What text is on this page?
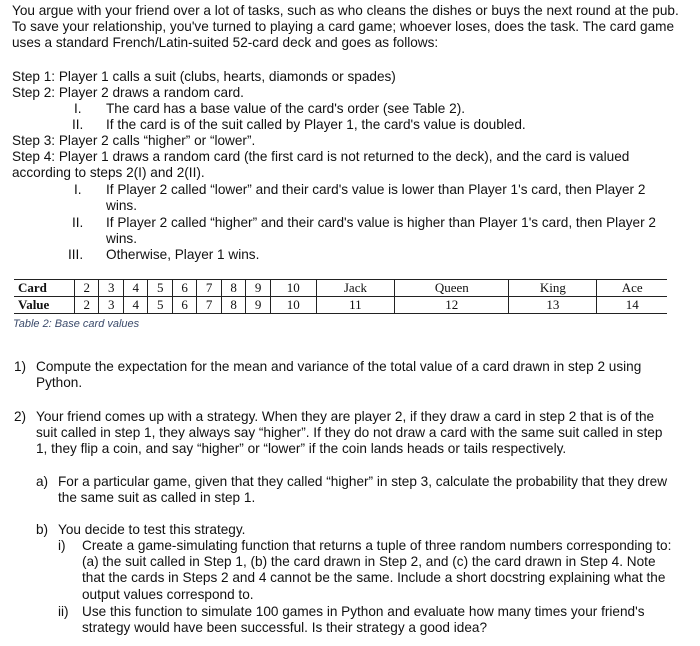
You argue with your friend over a lot of tasks, such as who cleans the dishes or buys the next round at the pub. To save your relationship, you've turned to playing a card game; whoever loses, does the task. The card game uses a standard French/Latin-suited 52-card deck and goes as follows:

Step 1: Player 1 calls a suit (clubs, hearts, diamonds or spades)

Step 2: Player 2 draws a random card.

I. The card has a base value of the card's order (see Table 2).

II. If the card is of the suit called by Player 1, the card's value is doubled.

Step 3: Player 2 calls “higher” or “lower”.

Step 4: Player 1 draws a random card (the first card is not returned to the deck), and the card is valued according to steps 2(I) and 2(II).

I. If Player 2 called “lower” and their card's value is lower than Player 1's card, then Player 2 wins.

II. If Player 2 called “higher” and their card's value is higher than Player 1's card, then Player 2 wins.

III. Otherwise, Player 1 wins.

Card	2	3	4	5	6	7	8	9	10	Jack	Queen	King	Ace
Value	2	3	4	5	6	7	8	9	10	11	12	13	14
Table 2: Base card values
1) Compute the expectation for the mean and variance of the total value of a card drawn in step 2 using Python.

2) Your friend comes up with a strategy. When they are player 2, if they draw a card in step 2 that is of the suit called in step 1, they always say “higher”. If they do not draw a card with the same suit called in step 1, they flip a coin, and say “higher” or “lower” if the coin lands heads or tails respectively.

a) For a particular game, given that they called “higher” in step 3, calculate the probability that they drew the same suit as called in step 1.

b) You decide to test this strategy.

i) Create a game-simulating function that returns a tuple of three random numbers corresponding to: (a) the suit called in Step 1, (b) the card drawn in Step 2, and (c) the card drawn in Step 4. Note that the cards in Steps 2 and 4 cannot be the same. Include a short docstring explaining what the output values correspond to.

ii) Use this function to simulate 100 games in Python and evaluate how many times your friend's strategy would have been successful. Is their strategy a good idea?
